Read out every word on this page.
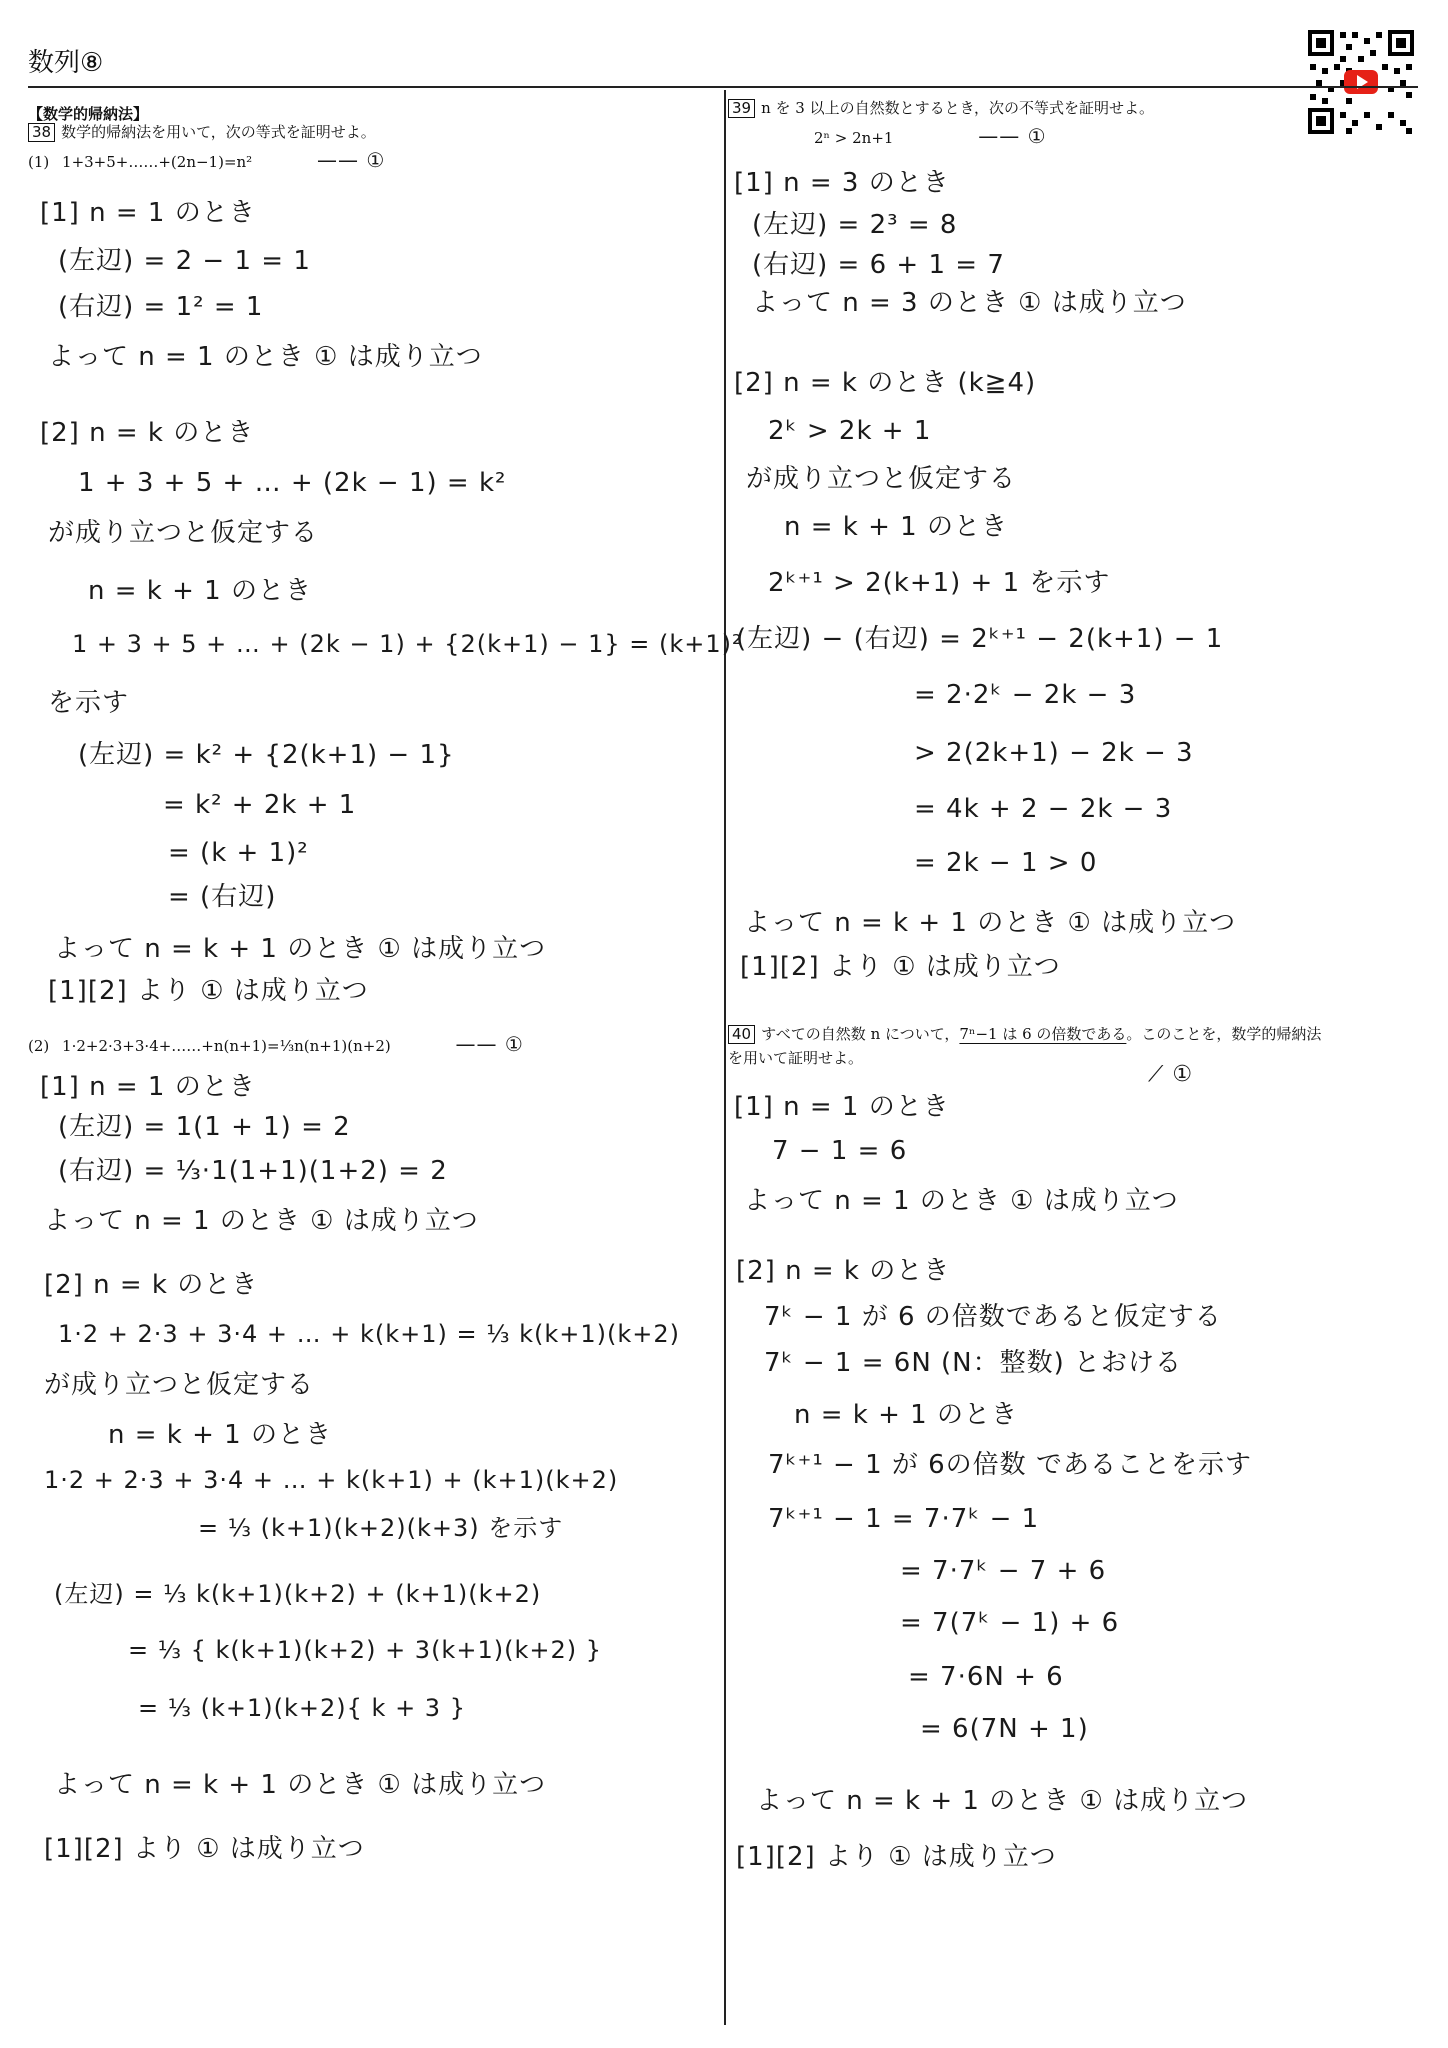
数列⑧
【数学的帰納法】
38 数学的帰納法を用いて，次の等式を証明せよ。
(1) 1+3+5+……+(2n−1)=n²	—— ①
[1] n = 1 のとき
(左辺) = 2 − 1 = 1
(右辺) = 1² = 1
よって n = 1 のとき ① は成り立つ
[2] n = k のとき
1 + 3 + 5 + … + (2k − 1) = k²
が成り立つと仮定する
n = k + 1 のとき
1 + 3 + 5 + … + (2k − 1) + {2(k+1) − 1} = (k+1)²
を示す
(左辺) = k² + {2(k+1) − 1}
= k² + 2k + 1
= (k + 1)²
= (右辺)
よって n = k + 1 のとき ① は成り立つ
[1][2] より ① は成り立つ
(2) 1·2+2·3+3·4+……+n(n+1)=⅓n(n+1)(n+2)	—— ①
[1] n = 1 のとき
(左辺) = 1(1 + 1) = 2
(右辺) = ⅓·1(1+1)(1+2) = 2
よって n = 1 のとき ① は成り立つ
[2] n = k のとき
1·2 + 2·3 + 3·4 + … + k(k+1) = ⅓ k(k+1)(k+2)
が成り立つと仮定する
n = k + 1 のとき
1·2 + 2·3 + 3·4 + … + k(k+1) + (k+1)(k+2)
= ⅓ (k+1)(k+2)(k+3) を示す
(左辺) = ⅓ k(k+1)(k+2) + (k+1)(k+2)
= ⅓ { k(k+1)(k+2) + 3(k+1)(k+2) }
= ⅓ (k+1)(k+2){ k + 3 }
よって n = k + 1 のとき ① は成り立つ
[1][2] より ① は成り立つ
39 n を 3 以上の自然数とするとき，次の不等式を証明せよ。
2ⁿ > 2n+1	—— ①
[1] n = 3 のとき
(左辺) = 2³ = 8
(右辺) = 6 + 1 = 7
よって n = 3 のとき ① は成り立つ
[2] n = k のとき (k≧4)
2ᵏ > 2k + 1
が成り立つと仮定する
n = k + 1 のとき
2ᵏ⁺¹ > 2(k+1) + 1 を示す
(左辺) − (右辺) = 2ᵏ⁺¹ − 2(k+1) − 1
= 2·2ᵏ − 2k − 3
> 2(2k+1) − 2k − 3
= 4k + 2 − 2k − 3
= 2k − 1 > 0
よって n = k + 1 のとき ① は成り立つ
[1][2] より ① は成り立つ
40 すべての自然数 n について，7ⁿ−1 は 6 の倍数である。このことを，数学的帰納法
を用いて証明せよ。
⟋ ①
[1] n = 1 のとき
7 − 1 = 6
よって n = 1 のとき ① は成り立つ
[2] n = k のとき
7ᵏ − 1 が 6 の倍数であると仮定する
7ᵏ − 1 = 6N (N：整数) とおける
n = k + 1 のとき
7ᵏ⁺¹ − 1 が 6の倍数 であることを示す
7ᵏ⁺¹ − 1 = 7·7ᵏ − 1
= 7·7ᵏ − 7 + 6
= 7(7ᵏ − 1) + 6
= 7·6N + 6
= 6(7N + 1)
よって n = k + 1 のとき ① は成り立つ
[1][2] より ① は成り立つ
